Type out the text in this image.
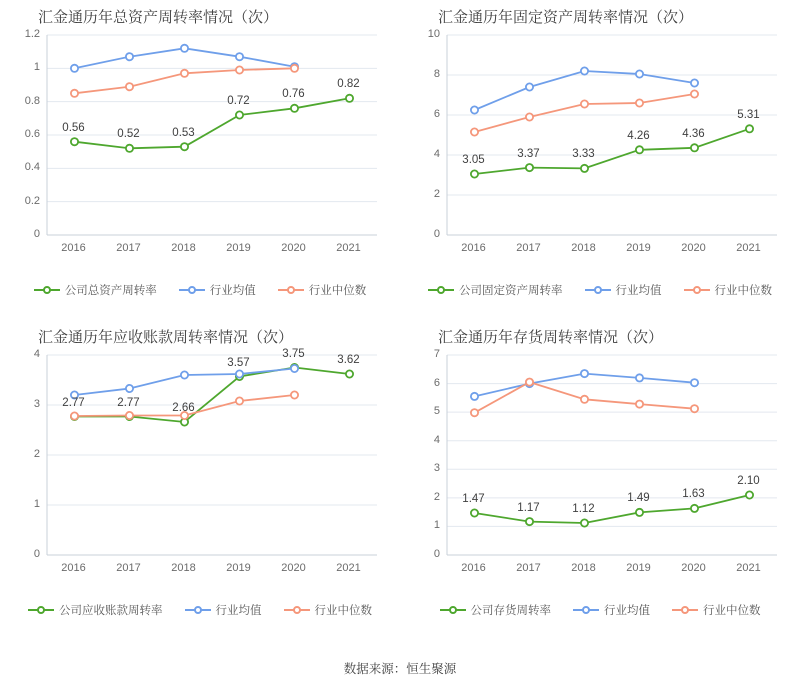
汇金通历年总资产周转率情况（次）
0
0.2
0.4
0.6
0.8
1
1.2
2016	2017	2018	2019	2020	2021
0.56
0.52	0.53
0.72
0.76
0.82
公司总资产周转率	行业均值	行业中位数
汇金通历年固定资产周转率情况（次）
0
2
4
6
8
10
2016	2017	2018	2019	2020	2021
3.05
3.37	3.33
4.26	4.36
5.31
公司固定资产周转率	行业均值	行业中位数
汇金通历年应收账款周转率情况（次）
0
1
2
3
4
2016	2017	2018	2019	2020	2021
2.77	2.77	2.66
3.57
3.75
3.62
公司应收账款周转率	行业均值	行业中位数
汇金通历年存货周转率情况（次）
0
1
2
3
4
5
6
7
2016	2017	2018	2019	2020	2021
1.47
1.17	1.12
1.49	1.63
2.10
公司存货周转率	行业均值	行业中位数
数据来源：恒生聚源
